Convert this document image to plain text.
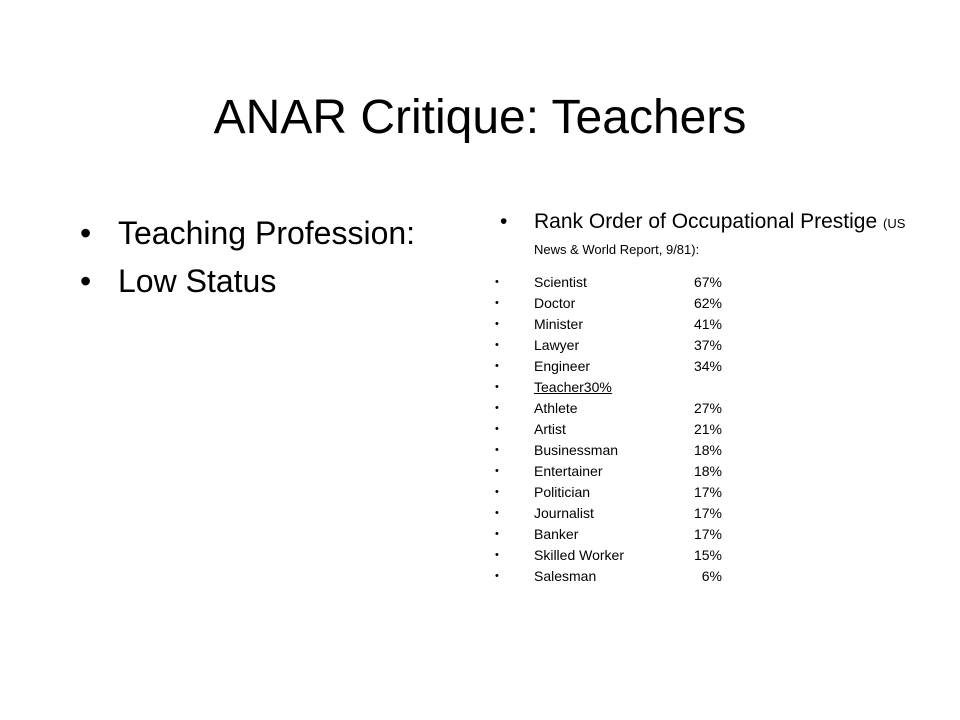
ANAR Critique: Teachers
• Teaching Profession:
• Low Status
• Rank Order of Occupational Prestige (US News & World Report, 9/81):
• Scientist	67%
• Doctor	62%
• Minister	41%
• Lawyer	37%
• Engineer	34%
• Teacher30%
• Athlete	27%
• Artist	21%
• Businessman	18%
• Entertainer	18%
• Politician	17%
• Journalist	17%
• Banker	17%
• Skilled Worker	15%
• Salesman	6%
